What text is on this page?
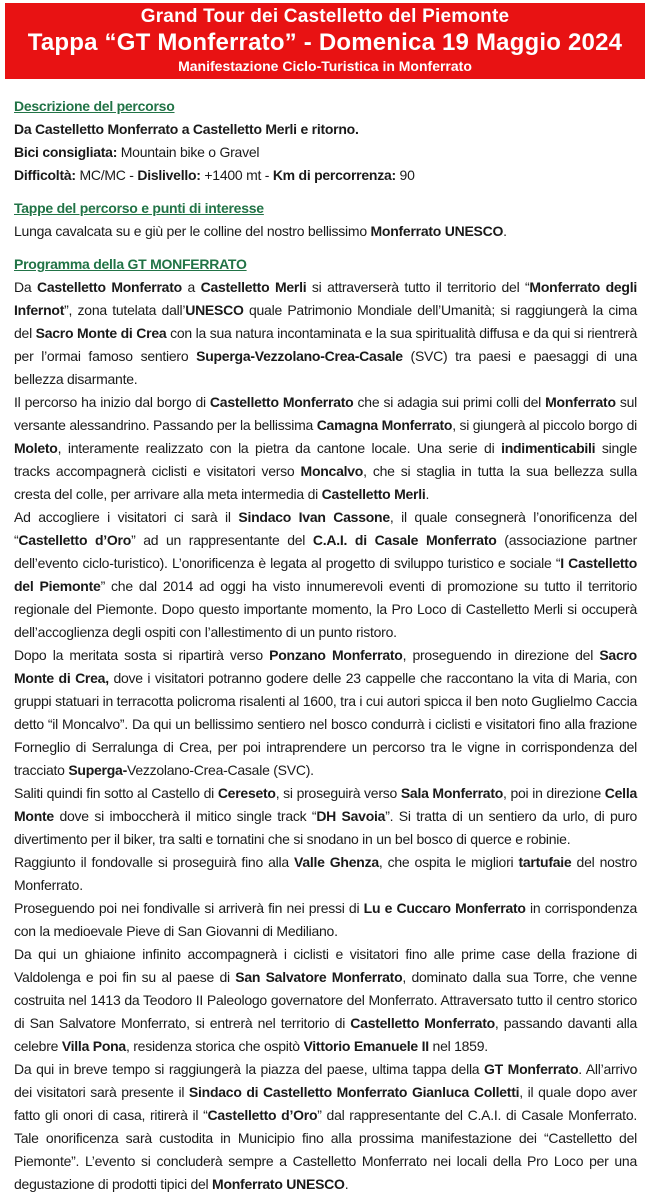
Grand Tour dei Castelletto del Piemonte
Tappa “GT Monferrato” - Domenica 19 Maggio 2024
Manifestazione Ciclo-Turistica in Monferrato
Descrizione del percorso
Da Castelletto Monferrato a Castelletto Merli e ritorno.
Bici consigliata: Mountain bike o Gravel
Difficoltà: MC/MC - Dislivello: +1400 mt - Km di percorrenza: 90
Tappe del percorso e punti di interesse
Lunga cavalcata su e giù per le colline del nostro bellissimo Monferrato UNESCO.
Programma della GT MONFERRATO
Da Castelletto Monferrato a Castelletto Merli si attraverserà tutto il territorio del “Monferrato degli Infernot”, zona tutelata dall’UNESCO quale Patrimonio Mondiale dell’Umanità; si raggiungerà la cima del Sacro Monte di Crea con la sua natura incontaminata e la sua spiritualità diffusa e da qui si rientrerà per l’ormai famoso sentiero Superga-Vezzolano-Crea-Casale (SVC) tra paesi e paesaggi di una bellezza disarmante.
Il percorso ha inizio dal borgo di Castelletto Monferrato che si adagia sui primi colli del Monferrato sul versante alessandrino. Passando per la bellissima Camagna Monferrato, si giungerà al piccolo borgo di Moleto, interamente realizzato con la pietra da cantone locale. Una serie di indimenticabili single tracks accompagnerà ciclisti e visitatori verso Moncalvo, che si staglia in tutta la sua bellezza sulla cresta del colle, per arrivare alla meta intermedia di Castelletto Merli.
Ad accogliere i visitatori ci sarà il Sindaco Ivan Cassone, il quale consegnerà l’onorificenza del “Castelletto d’Oro” ad un rappresentante del C.A.I. di Casale Monferrato (associazione partner dell’evento ciclo-turistico). L’onorificenza è legata al progetto di sviluppo turistico e sociale “I Castelletto del Piemonte” che dal 2014 ad oggi ha visto innumerevoli eventi di promozione su tutto il territorio regionale del Piemonte. Dopo questo importante momento, la Pro Loco di Castelletto Merli si occuperà dell’accoglienza degli ospiti con l’allestimento di un punto ristoro.
Dopo la meritata sosta si ripartirà verso Ponzano Monferrato, proseguendo in direzione del Sacro Monte di Crea, dove i visitatori potranno godere delle 23 cappelle che raccontano la vita di Maria, con gruppi statuari in terracotta policroma risalenti al 1600, tra i cui autori spicca il ben noto Guglielmo Caccia detto “il Moncalvo”. Da qui un bellissimo sentiero nel bosco condurrà i ciclisti e visitatori fino alla frazione Forneglio di Serralunga di Crea, per poi intraprendere un percorso tra le vigne in corrispondenza del tracciato Superga-Vezzolano-Crea-Casale (SVC).
Saliti quindi fin sotto al Castello di Cereseto, si proseguirà verso Sala Monferrato, poi in direzione Cella Monte dove si imboccherà il mitico single track “DH Savoia”. Si tratta di un sentiero da urlo, di puro divertimento per il biker, tra salti e tornatini che si snodano in un bel bosco di querce e robinie.
Raggiunto il fondovalle si proseguirà fino alla Valle Ghenza, che ospita le migliori tartufaie del nostro Monferrato.
Proseguendo poi nei fondivalle si arriverà fin nei pressi di Lu e Cuccaro Monferrato in corrispondenza con la medioevale Pieve di San Giovanni di Mediliano.
Da qui un ghiaione infinito accompagnerà i ciclisti e visitatori fino alle prime case della frazione di Valdolenga e poi fin su al paese di San Salvatore Monferrato, dominato dalla sua Torre, che venne costruita nel 1413 da Teodoro II Paleologo governatore del Monferrato. Attraversato tutto il centro storico di San Salvatore Monferrato, si entrerà nel territorio di Castelletto Monferrato, passando davanti alla celebre Villa Pona, residenza storica che ospitò Vittorio Emanuele II nel 1859.
Da qui in breve tempo si raggiungerà la piazza del paese, ultima tappa della GT Monferrato. All’arrivo dei visitatori sarà presente il Sindaco di Castelletto Monferrato Gianluca Colletti, il quale dopo aver fatto gli onori di casa, ritirerà il “Castelletto d’Oro” dal rappresentante del C.A.I. di Casale Monferrato. Tale onorificenza sarà custodita in Municipio fino alla prossima manifestazione dei “Castelletto del Piemonte”. L’evento si concluderà sempre a Castelletto Monferrato nei locali della Pro Loco per una degustazione di prodotti tipici del Monferrato UNESCO.
